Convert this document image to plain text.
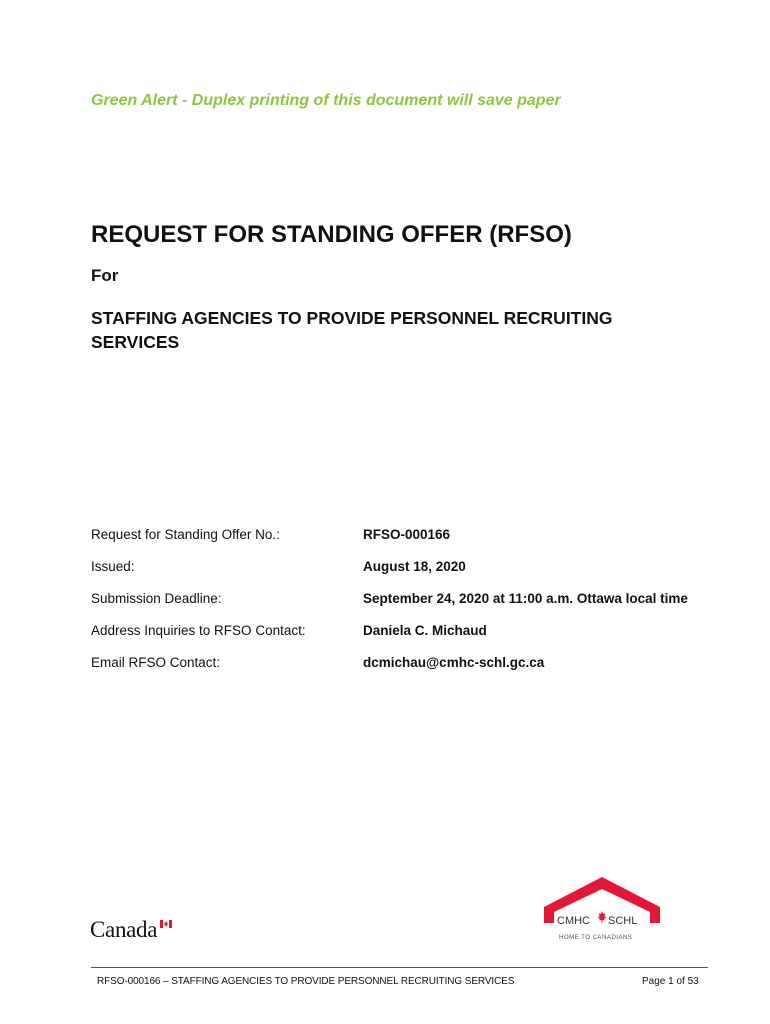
Green Alert - Duplex printing of this document will save paper
REQUEST FOR STANDING OFFER (RFSO)
For
STAFFING AGENCIES TO PROVIDE PERSONNEL RECRUITING SERVICES
Request for Standing Offer No.:	RFSO-000166
Issued:	August 18, 2020
Submission Deadline:	September 24, 2020 at 11:00 a.m. Ottawa local time
Address Inquiries to RFSO Contact:	Daniela C. Michaud
Email RFSO Contact:	dcmichau@cmhc-schl.gc.ca
Canada	CMHC SCHL
HOME TO CANADIANS
RFSO-000166 – STAFFING AGENCIES TO PROVIDE PERSONNEL RECRUITING SERVICES	Page 1 of 53
